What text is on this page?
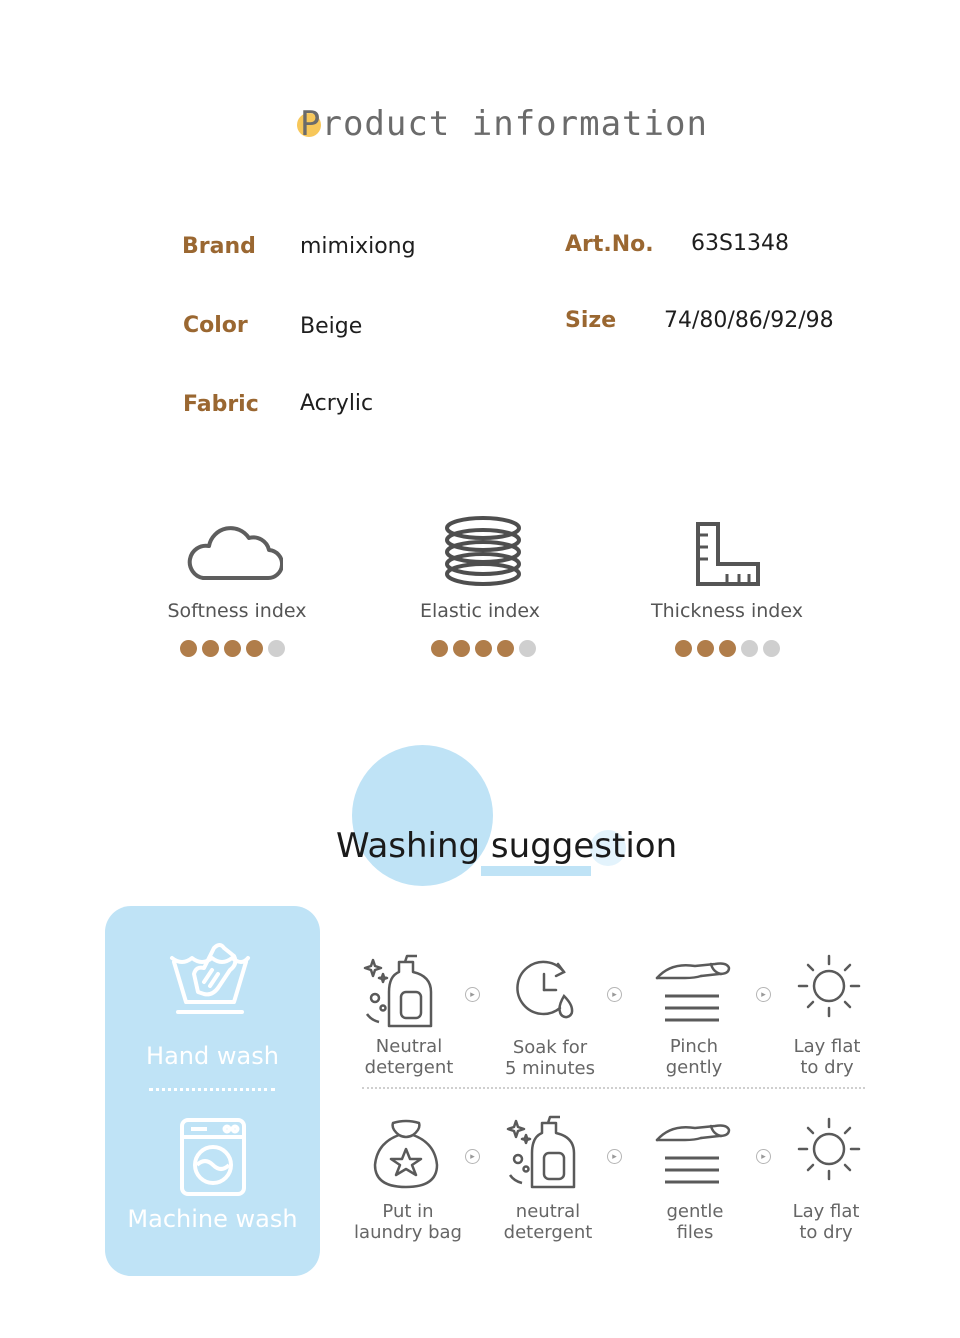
Product information
Brand mimixiong	Art.No. 63S1348
Color Beige	Size 74/80/86/92/98
Fabric Acrylic
Softness index	Elastic index	Thickness index
Washing suggestion
Hand wash
Machine wash
Neutral
detergent
▸
Soak for
5 minutes
▸
Pinch
gently
▸
Lay flat
to dry
Put in
laundry bag
▸
neutral
detergent
▸
gentle
files
▸
Lay flat
to dry
